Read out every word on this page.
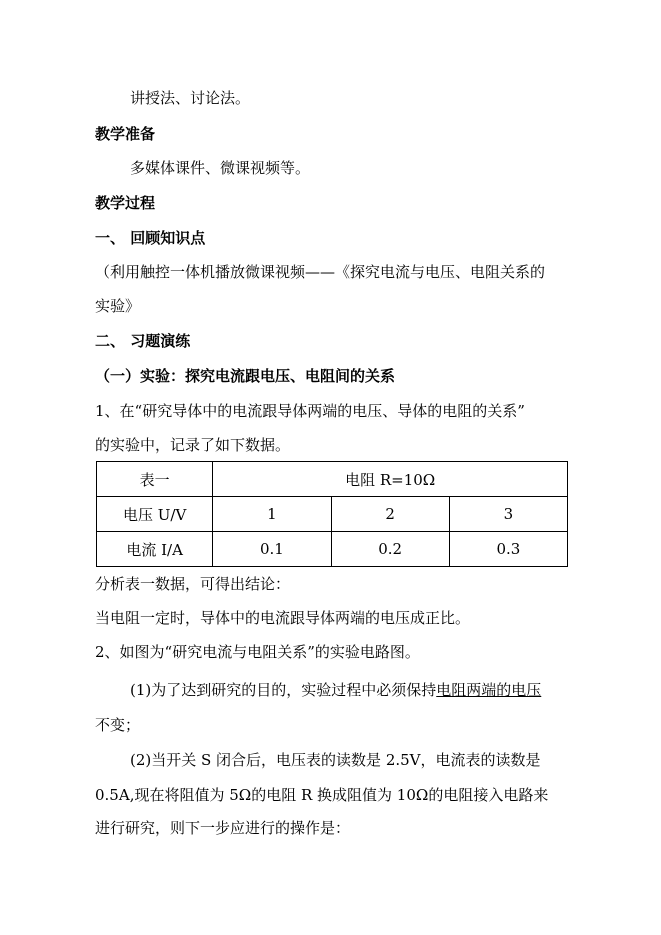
讲授法、讨论法。
教学准备
多媒体课件、微课视频等。
教学过程
一、 回顾知识点
（利用触控一体机播放微课视频——《探究电流与电压、电阻关系的
实验》
二、 习题演练
（一）实验：探究电流跟电压、电阻间的关系
1、在“研究导体中的电流跟导体两端的电压、导体的电阻的关系”
的实验中，记录了如下数据。
表一	电阻 R=10Ω		
电压 U/V	1	2	3
电流 I/A	0.1	0.2	0.3
分析表一数据，可得出结论：
当电阻一定时，导体中的电流跟导体两端的电压成正比。
2、如图为“研究电流与电阻关系”的实验电路图。
(1)为了达到研究的目的，实验过程中必须保持电阻两端的电压
不变；
(2)当开关 S 闭合后，电压表的读数是 2.5V，电流表的读数是
0.5A,现在将阻值为 5Ω的电阻 R 换成阻值为 10Ω的电阻接入电路来
进行研究，则下一步应进行的操作是：
